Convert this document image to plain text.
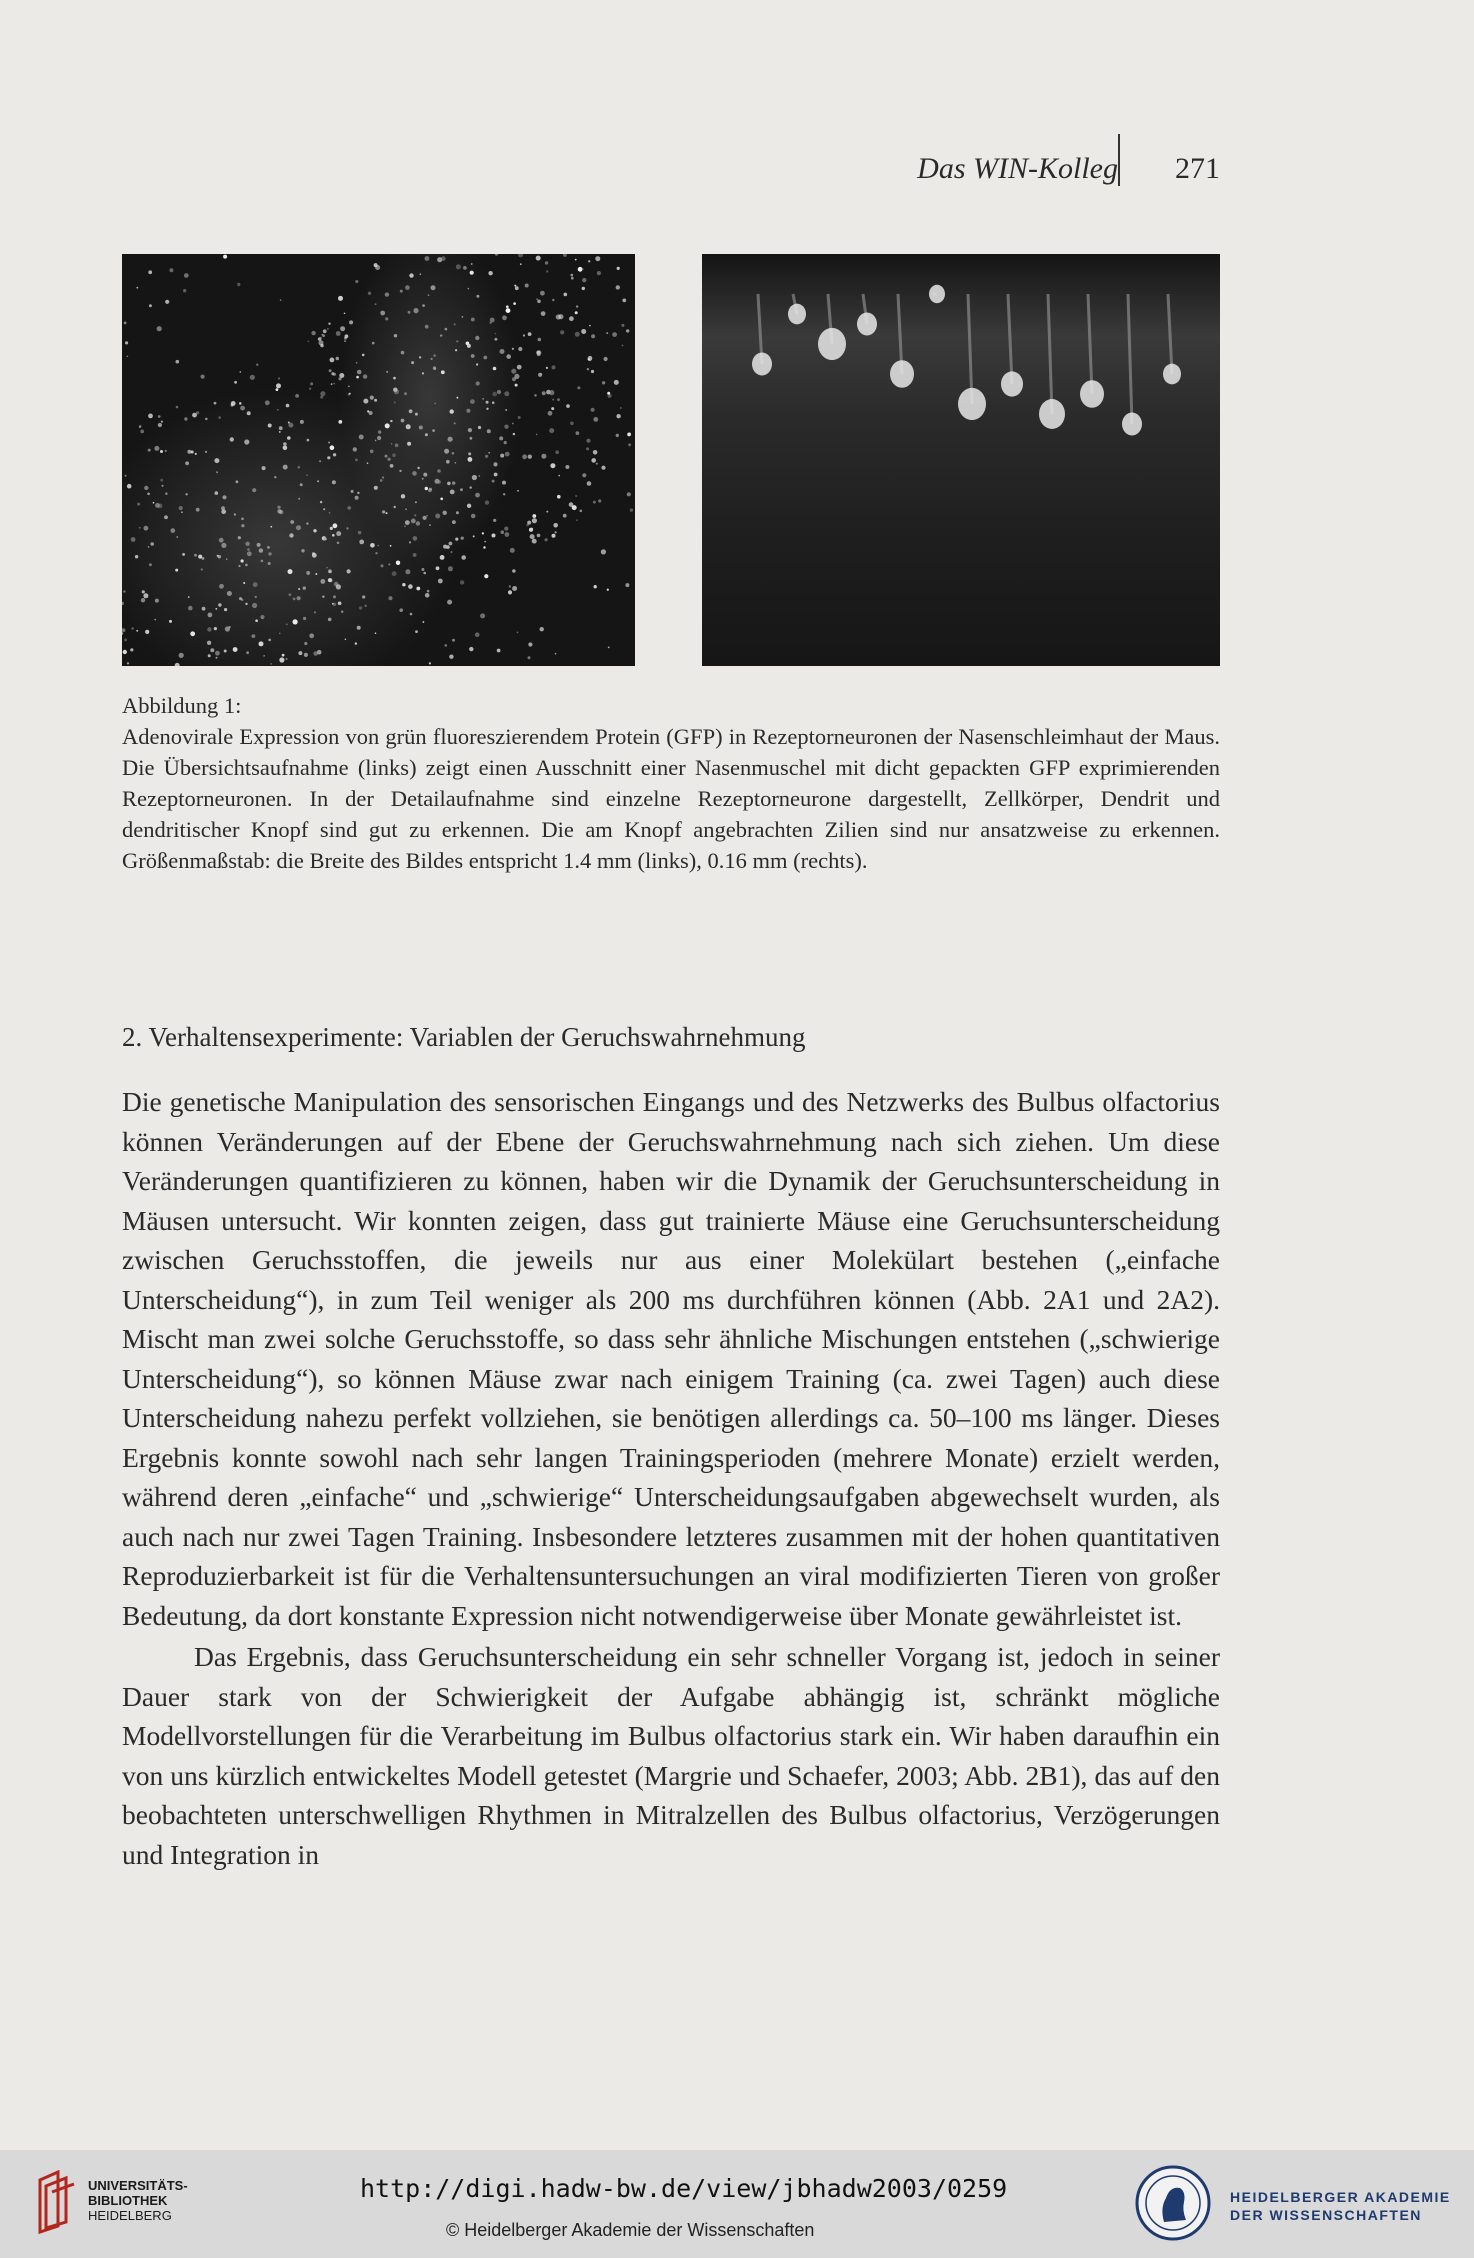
Das WIN-Kolleg 271
Abbildung 1:
Adenovirale Expression von grün fluoreszierendem Protein (GFP) in Rezeptorneuronen der Nasenschleimhaut der Maus. Die Übersichtsaufnahme (links) zeigt einen Ausschnitt einer Nasenmuschel mit dicht gepackten GFP exprimierenden Rezeptorneuronen. In der Detailaufnahme sind einzelne Rezeptorneurone dargestellt, Zellkörper, Dendrit und dendritischer Knopf sind gut zu erkennen. Die am Knopf angebrachten Zilien sind nur ansatzweise zu erkennen. Größenmaßstab: die Breite des Bildes entspricht 1.4 mm (links), 0.16 mm (rechts).
2. Verhaltensexperimente: Variablen der Geruchswahrnehmung

Die genetische Manipulation des sensorischen Eingangs und des Netzwerks des Bulbus olfactorius können Veränderungen auf der Ebene der Geruchswahrnehmung nach sich ziehen. Um diese Veränderungen quantifizieren zu können, haben wir die Dynamik der Geruchsunterscheidung in Mäusen untersucht. Wir konnten zeigen, dass gut trainierte Mäuse eine Geruchsunterscheidung zwischen Geruchsstoffen, die jeweils nur aus einer Molekülart bestehen („einfache Unterscheidung“), in zum Teil weniger als 200 ms durchführen können (Abb. 2A1 und 2A2). Mischt man zwei solche Geruchsstoffe, so dass sehr ähnliche Mischungen entstehen („schwierige Unterscheidung“), so können Mäuse zwar nach einigem Training (ca. zwei Tagen) auch diese Unterscheidung nahezu perfekt vollziehen, sie benötigen allerdings ca. 50–100 ms länger. Dieses Ergebnis konnte sowohl nach sehr langen Trainingsperioden (mehrere Monate) erzielt werden, während deren „einfache“ und „schwierige“ Unterscheidungsaufgaben abgewechselt wurden, als auch nach nur zwei Tagen Training. Insbesondere letzteres zusammen mit der hohen quantitativen Reproduzierbarkeit ist für die Verhaltensuntersuchungen an viral modifizierten Tieren von großer Bedeutung, da dort konstante Expression nicht notwendigerweise über Monate gewährleistet ist.

Das Ergebnis, dass Geruchsunterscheidung ein sehr schneller Vorgang ist, jedoch in seiner Dauer stark von der Schwierigkeit der Aufgabe abhängig ist, schränkt mögliche Modellvorstellungen für die Verarbeitung im Bulbus olfactorius stark ein. Wir haben daraufhin ein von uns kürzlich entwickeltes Modell getestet (Margrie und Schaefer, 2003; Abb. 2B1), das auf den beobachteten unterschwelligen Rhythmen in Mitralzellen des Bulbus olfactorius, Verzögerungen und Integration in

UNIVERSITÄTS-
BIBLIOTHEK
HEIDELBERG
http://digi.hadw-bw.de/view/jbhadw2003/0259
© Heidelberger Akademie der Wissenschaften
HEIDELBERGER AKADEMIE
DER WISSENSCHAFTEN
